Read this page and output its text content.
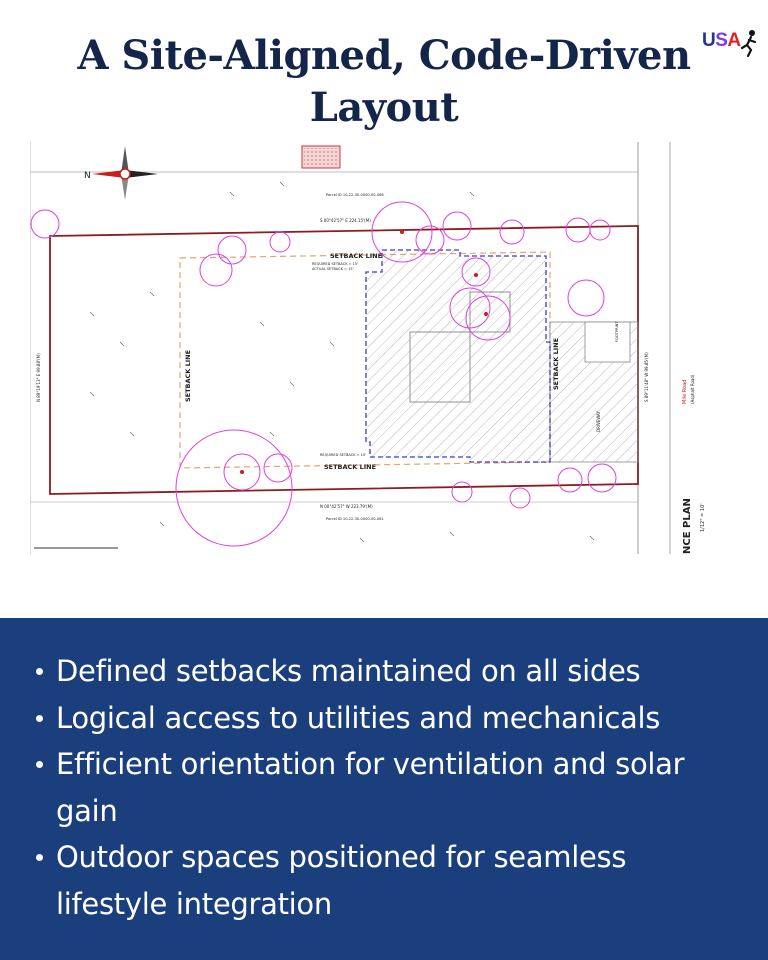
A Site-Aligned, Code-Driven Layout
USA
N
SETBACK LINE
REQUIRED SETBACK = 15'
ACTUAL SETBACK = 15'
SETBACK LINE
REQUIRED SETBACK = 10'
SETBACK LINE	SETBACK LINE
Parcel ID 10-22-30-0000-00-066
Parcel ID 10-22-30-0000-00-061
S 00°42'57" E 224.15'(M)
N 00°42'57" W 223.79'(M)
N 89°19'13" E 99.88'(M)	S 89°11'48" W 99.85'(M)
DRIVEWAY
FOOTPRINT
Mile Road (Asphalt Road)
NCE PLAN 1/12" = 10'
Defined setbacks maintained on all sides
Logical access to utilities and mechanicals
Efficient orientation for ventilation and solar gain
Outdoor spaces positioned for seamless lifestyle integration
